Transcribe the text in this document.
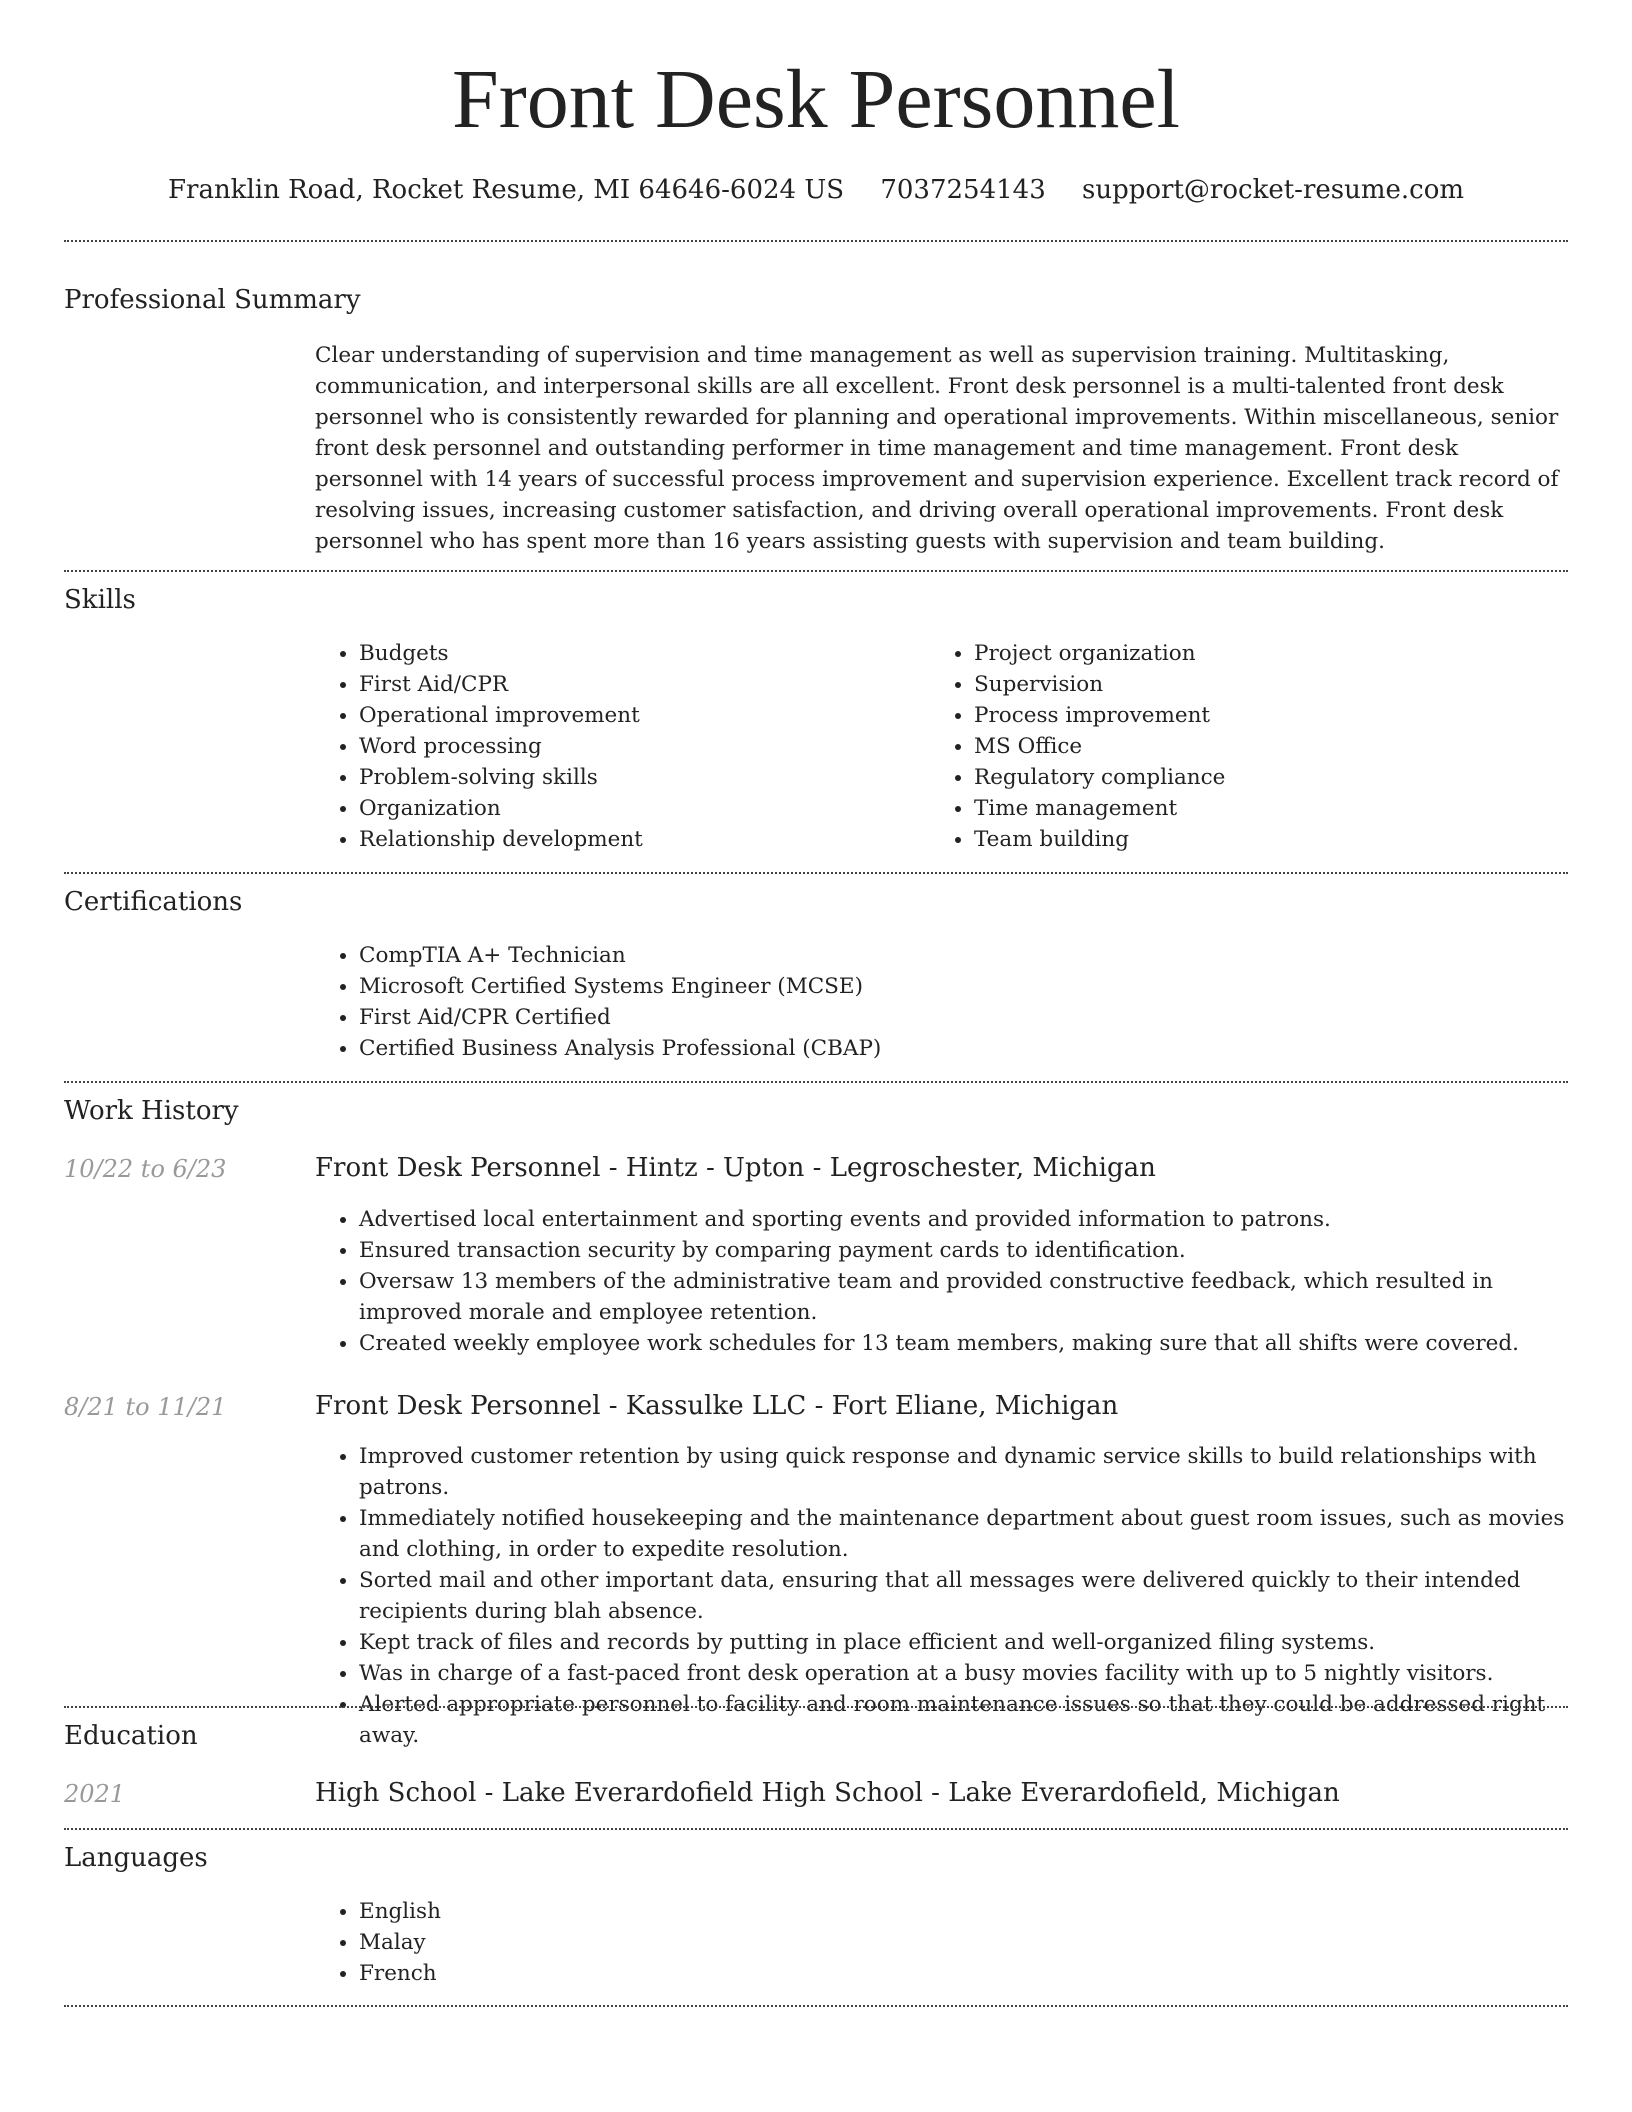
Front Desk Personnel
Franklin Road, Rocket Resume, MI 64646-6024 US 7037254143 support@rocket-resume.com
Professional Summary

Clear understanding of supervision and time management as well as supervision training. Multitasking, communication, and interpersonal skills are all excellent. Front desk personnel is a multi-talented front desk personnel who is consistently rewarded for planning and operational improvements. Within miscellaneous, senior front desk personnel and outstanding performer in time management and time management. Front desk personnel with 14 years of successful process improvement and supervision experience. Excellent track record of resolving issues, increasing customer satisfaction, and driving overall operational improvements. Front desk personnel who has spent more than 16 years assisting guests with supervision and team building.

Skills
• Budgets
• First Aid/CPR
• Operational improvement
• Word processing
• Problem-solving skills
• Organization
• Relationship development
• Project organization
• Supervision
• Process improvement
• MS Office
• Regulatory compliance
• Time management
• Team building
Certifications
• CompTIA A+ Technician
• Microsoft Certified Systems Engineer (MCSE)
• First Aid/CPR Certified
• Certified Business Analysis Professional (CBAP)
Work History
10/22 to 6/23	Front Desk Personnel - Hintz - Upton - Legroschester, Michigan
• Advertised local entertainment and sporting events and provided information to patrons.
• Ensured transaction security by comparing payment cards to identification.
• Oversaw 13 members of the administrative team and provided constructive feedback, which resulted in improved morale and employee retention.
• Created weekly employee work schedules for 13 team members, making sure that all shifts were covered.
8/21 to 11/21	Front Desk Personnel - Kassulke LLC - Fort Eliane, Michigan
• Improved customer retention by using quick response and dynamic service skills to build relationships with patrons.
• Immediately notified housekeeping and the maintenance department about guest room issues, such as movies and clothing, in order to expedite resolution.
• Sorted mail and other important data, ensuring that all messages were delivered quickly to their intended recipients during blah absence.
• Kept track of files and records by putting in place efficient and well-organized filing systems.
• Was in charge of a fast-paced front desk operation at a busy movies facility with up to 5 nightly visitors.
• Alerted appropriate personnel to facility and room maintenance issues so that they could be addressed right away.
Education
2021	High School - Lake Everardofield High School - Lake Everardofield, Michigan
Languages
• English
• Malay
• French
